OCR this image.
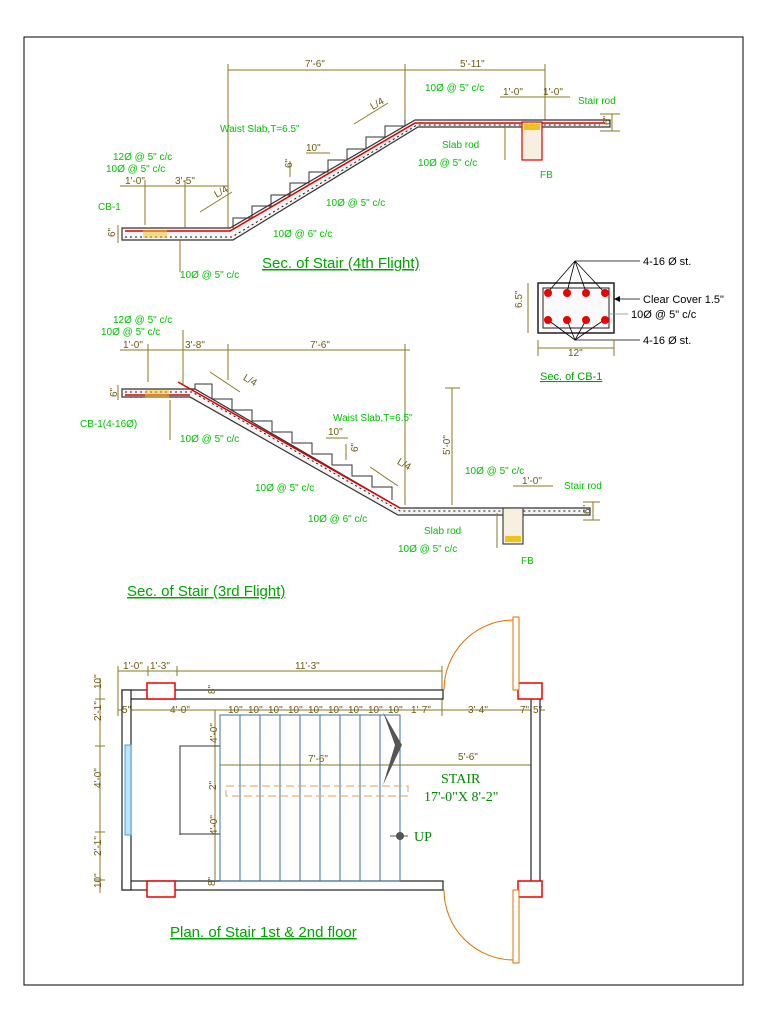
7'-6"	5'-11"
10Ø @ 5" c/c 1'-0" 1'-0"
Stair rod
6"
L/4
Waist Slab,T=6.5"
10"
6"
Slab rod
10Ø @ 5" c/c
FB
12Ø @ 5" c/c
10Ø @ 5" c/c
1'-0"	3'-5"
CB-1
6"
10Ø @ 5" c/c
10Ø @ 6" c/c
10Ø @ 5" c/c
L/4
Sec. of Stair (4th Flight)	4-16 Ø st.
Clear Cover 1.5"
10Ø @ 5" c/c
4-16 Ø st.
6.5"
12"
Sec. of CB-1
12Ø @ 5" c/c
10Ø @ 5" c/c
1'-0"	3'-8"	7'-6"
6"
CB-1(4-16Ø)
L/4
10Ø @ 5" c/c
Waist Slab,T=6.5"
10"
6"
L/4
5'-0"
10Ø @ 5" c/c
1'-0" Stair rod
6"
10Ø @ 5" c/c
10Ø @ 6" c/c
Slab rod
10Ø @ 5" c/c
FB
Sec. of Stair (3rd Flight)
1'-0" 1'-3"	11'-3"
5"	4'-0"	10" 10" 10" 10" 10" 10" 10" 10" 10" 1'-7"	3'-4"	7" 5"
7'-6"	5'-6"
10"
2'-1"
4'-0"
2'-1"
10"
4'-0"
2"
4'-0"
8"
8"
STAIR
17'-0"X 8'-2"
UP
Plan. of Stair 1st & 2nd floor
